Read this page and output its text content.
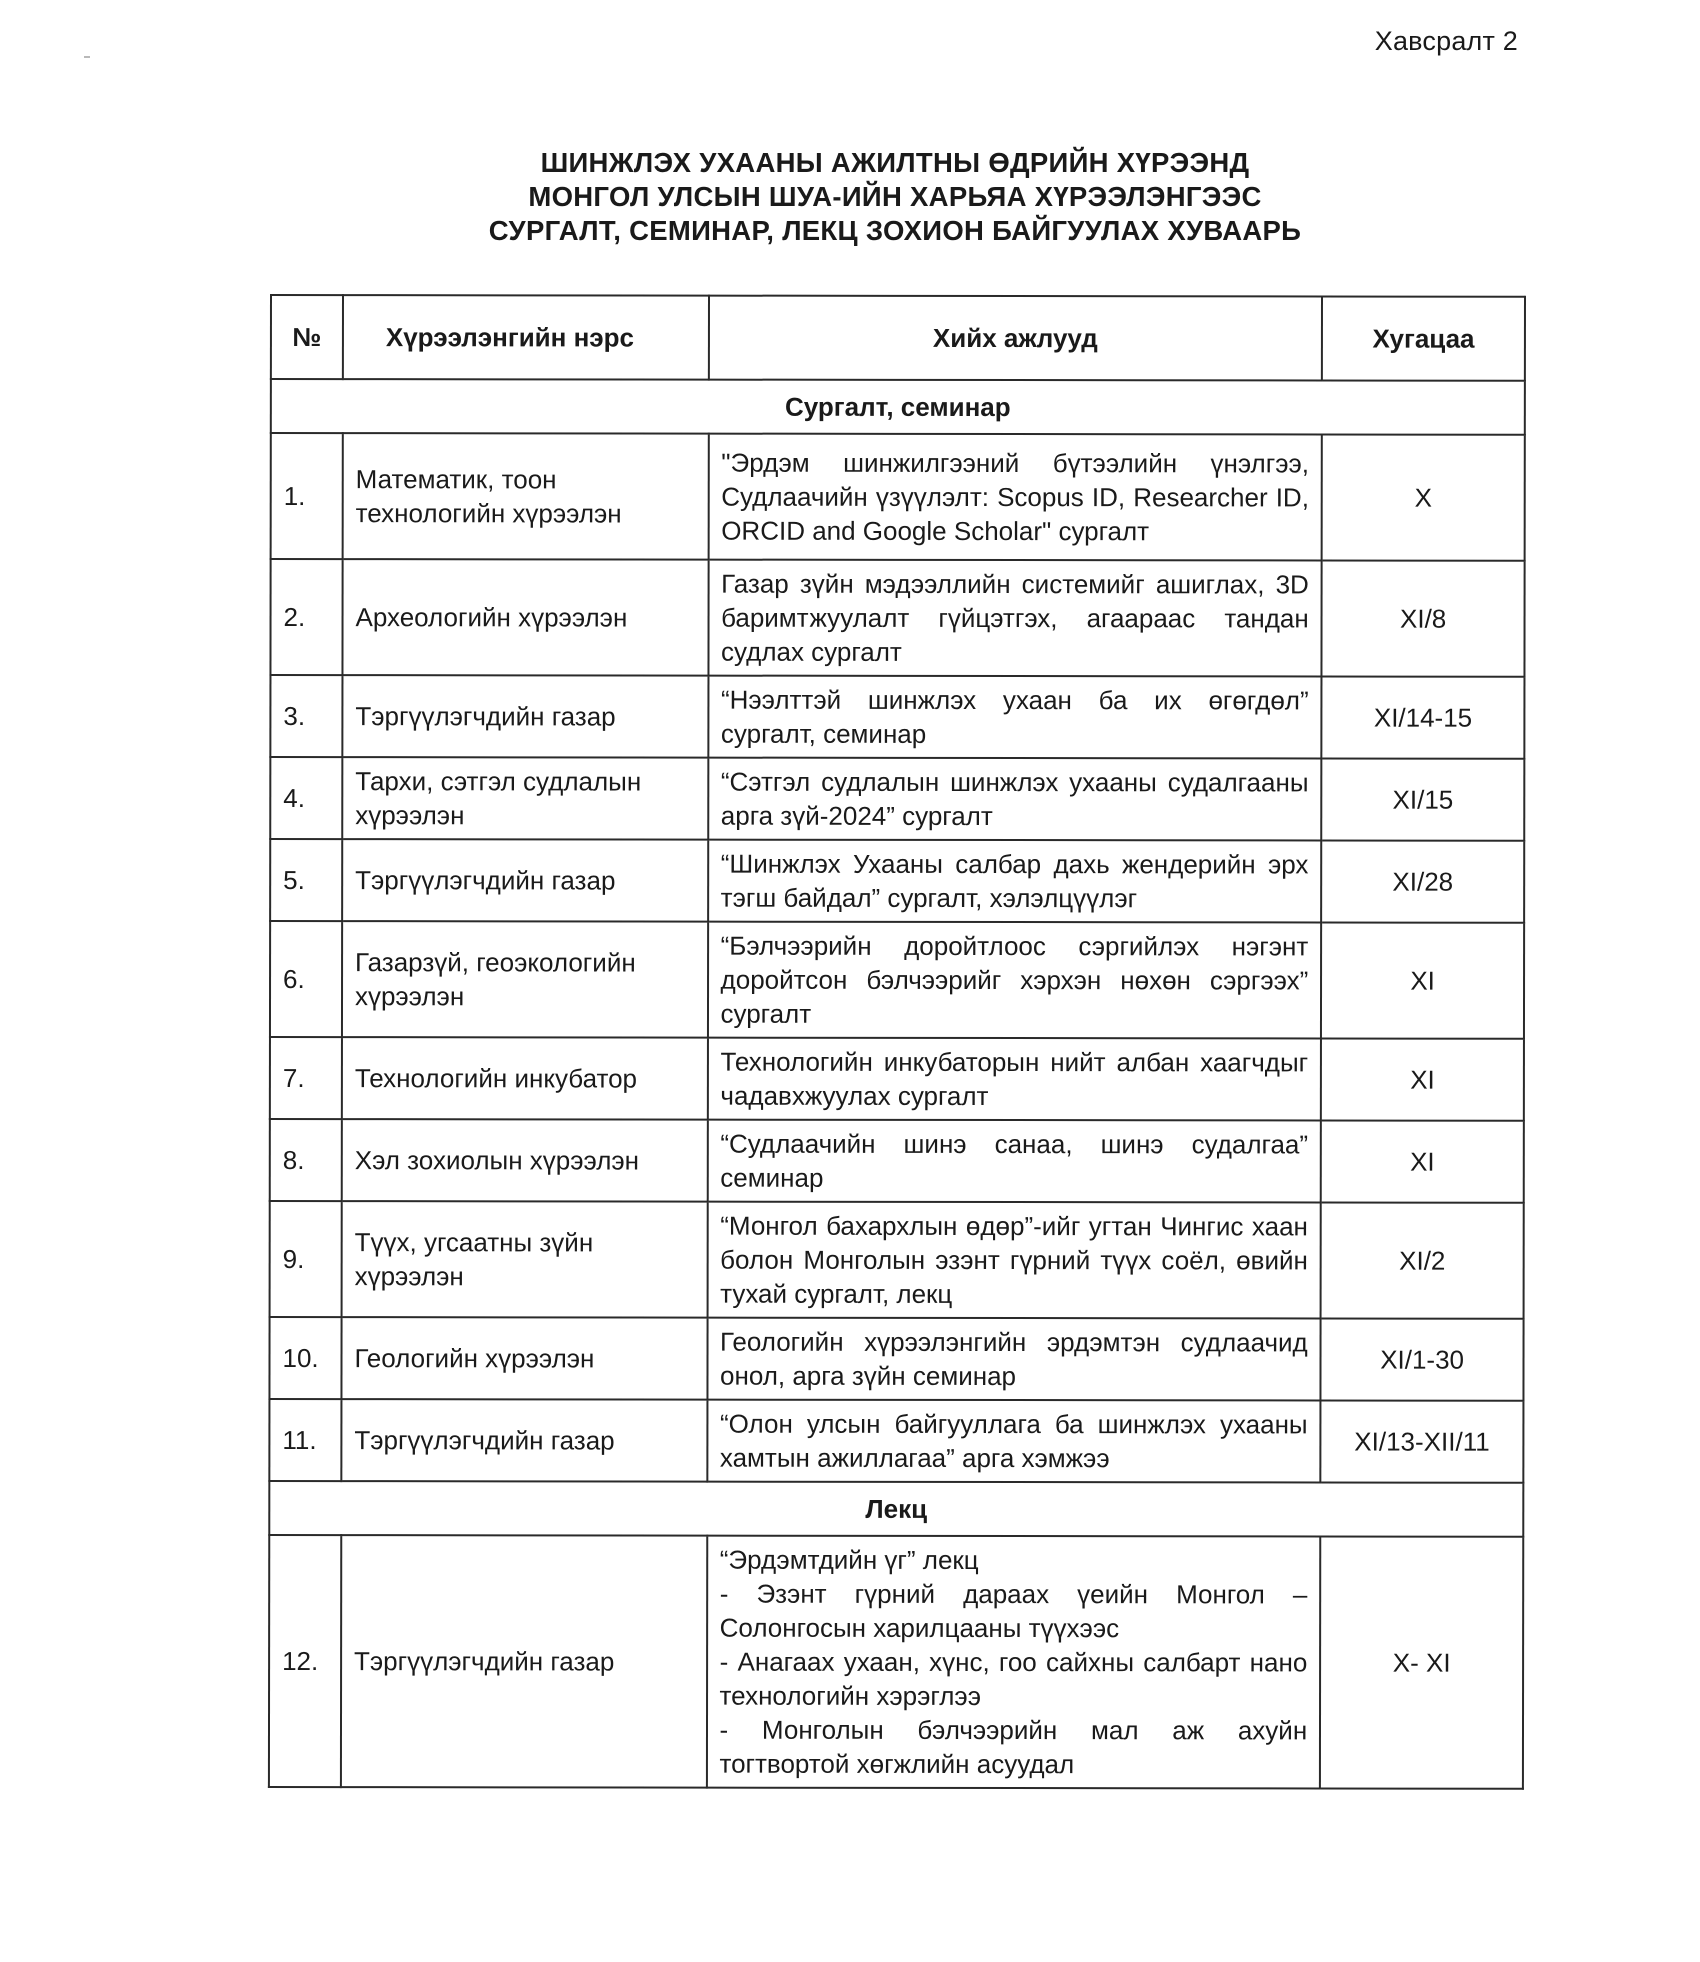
Хавсралт 2
ШИНЖЛЭХ УХААНЫ АЖИЛТНЫ ӨДРИЙН ХҮРЭЭНД
МОНГОЛ УЛСЫН ШУА-ИЙН ХАРЬЯА ХҮРЭЭЛЭНГЭЭС
СУРГАЛТ, СЕМИНАР, ЛЕКЦ ЗОХИОН БАЙГУУЛАХ ХУВААРЬ
№	Хүрээлэнгийн нэрс	Хийх ажлууд	Хугацаа
Сургалт, семинар			
1.	Математик, тоон технологийн хүрээлэн	"Эрдэм шинжилгээний бүтээлийн үнэлгээ, Судлаачийн үзүүлэлт: Scopus ID, Researcher ID, ORCID and Google Scholar" сургалт	X
2.	Археологийн хүрээлэн	Газар зүйн мэдээллийн системийг ашиглах, 3D баримтжуулалт гүйцэтгэх, агаараас тандан судлах сургалт	XI/8
3.	Тэргүүлэгчдийн газар	“Нээлттэй шинжлэх ухаан ба их өгөгдөл” сургалт, семинар	XI/14-15
4.	Тархи, сэтгэл судлалын хүрээлэн	“Сэтгэл судлалын шинжлэх ухааны судалгааны арга зүй-2024” сургалт	XI/15
5.	Тэргүүлэгчдийн газар	“Шинжлэх Ухааны салбар дахь жендерийн эрх тэгш байдал” сургалт, хэлэлцүүлэг	XI/28
6.	Газарзүй, геоэкологийн хүрээлэн	“Бэлчээрийн доройтлоос сэргийлэх нэгэнт доройтсон бэлчээрийг хэрхэн нөхөн сэргээх” сургалт	XI
7.	Технологийн инкубатор	Технологийн инкубаторын нийт албан хаагчдыг чадавхжуулах сургалт	XI
8.	Хэл зохиолын хүрээлэн	“Судлаачийн шинэ санаа, шинэ судалгаа” семинар	XI
9.	Түүх, угсаатны зүйн хүрээлэн	“Монгол бахархлын өдөр”-ийг угтан Чингис хаан болон Монголын эзэнт гүрний түүх соёл, өвийн тухай сургалт, лекц	XI/2
10.	Геологийн хүрээлэн	Геологийн хүрээлэнгийн эрдэмтэн судлаачид онол, арга зүйн семинар	XI/1-30
11.	Тэргүүлэгчдийн газар	“Олон улсын байгууллага ба шинжлэх ухааны хамтын ажиллагаа” арга хэмжээ	XI/13-XII/11
Лекц			
12.	Тэргүүлэгчдийн газар	“Эрдэмтдийн үг” лекц
- Эзэнт гүрний дараах үеийн Монгол – Солонгосын харилцааны түүхээс
- Анагаах ухаан, хүнс, гоо сайхны салбарт нано технологийн хэрэглээ
- Монголын бэлчээрийн мал аж ахуйн тогтвортой хөгжлийн асуудал	X- XI
